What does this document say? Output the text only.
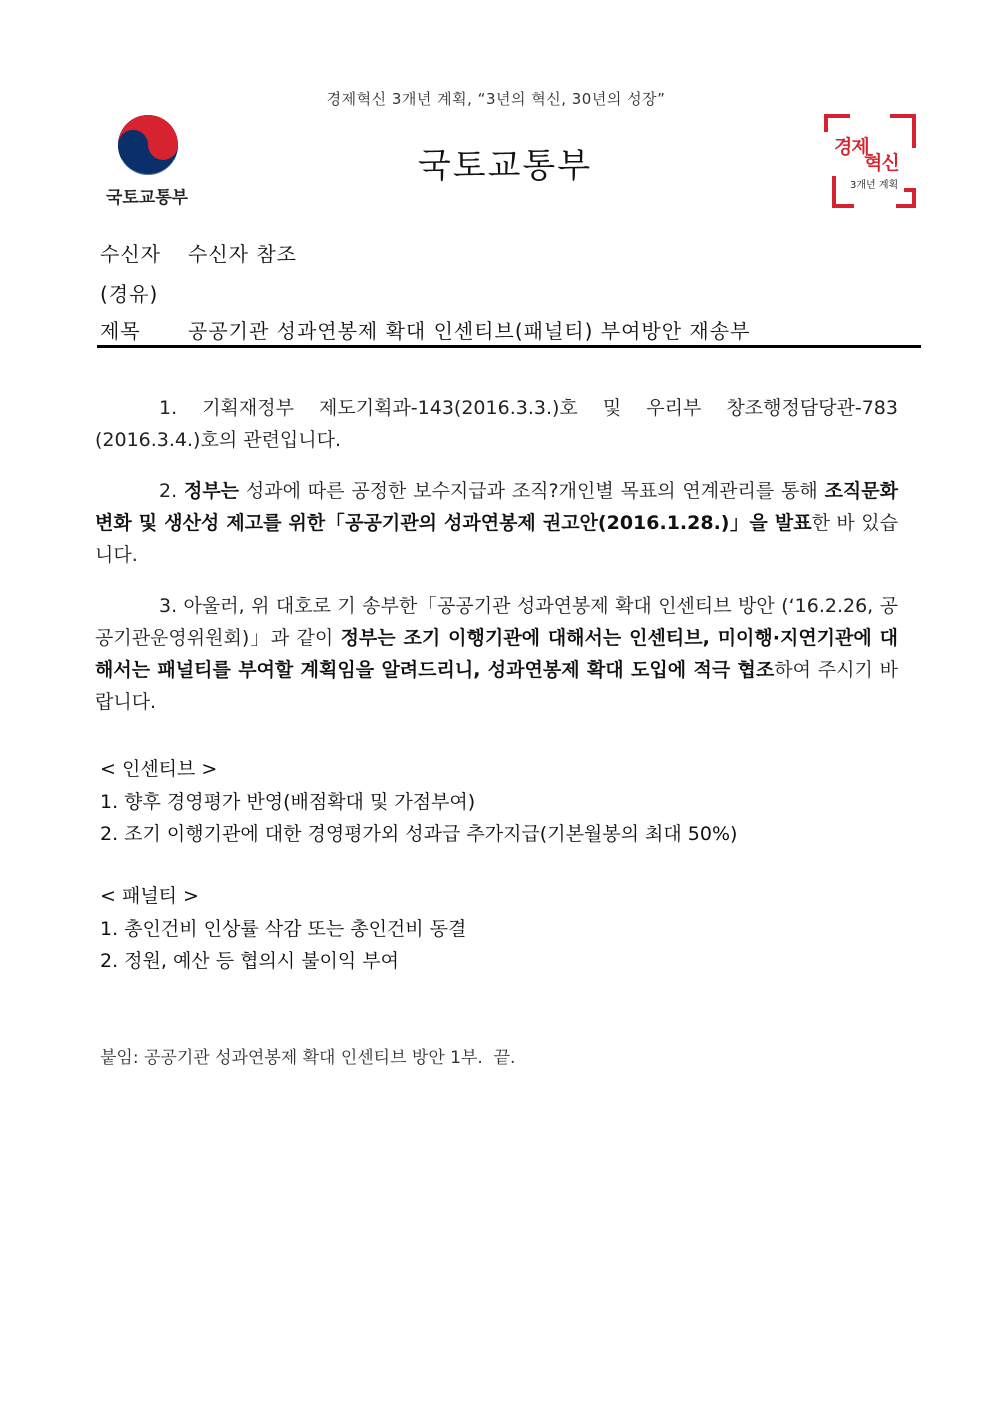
경제혁신 3개년 계획, “3년의 혁신, 30년의 성장”
국토교통부
국토교통부	경제
혁신
3개년 계획
수신자 수신자 참조
(경유)
제목 공공기관 성과연봉제 확대 인센티브(패널티) 부여방안 재송부
1. 기획재정부 제도기획과-143(2016.3.3.)호 및 우리부 창조행정담당관-783 (2016.3.4.)호의 관련입니다.
2. 정부는 성과에 따른 공정한 보수지급과 조직?개인별 목표의 연계관리를 통해 조직문화 변화 및 생산성 제고를 위한「공공기관의 성과연봉제 권고안(2016.1.28.)」을 발표한 바 있습니다.
3. 아울러, 위 대호로 기 송부한「공공기관 성과연봉제 확대 인센티브 방안 (‘16.2.26, 공공기관운영위원회)」과 같이 정부는 조기 이행기관에 대해서는 인센티브, 미이행·지연기관에 대해서는 패널티를 부여할 계획임을 알려드리니, 성과연봉제 확대 도입에 적극 협조하여 주시기 바랍니다.
< 인센티브 >
1. 향후 경영평가 반영(배점확대 및 가점부여)
2. 조기 이행기관에 대한 경영평가외 성과급 추가지급(기본월봉의 최대 50%)
< 패널티 >
1. 총인건비 인상률 삭감 또는 총인건비 동결
2. 정원, 예산 등 협의시 불이익 부여
붙임: 공공기관 성과연봉제 확대 인센티브 방안 1부.  끝.
